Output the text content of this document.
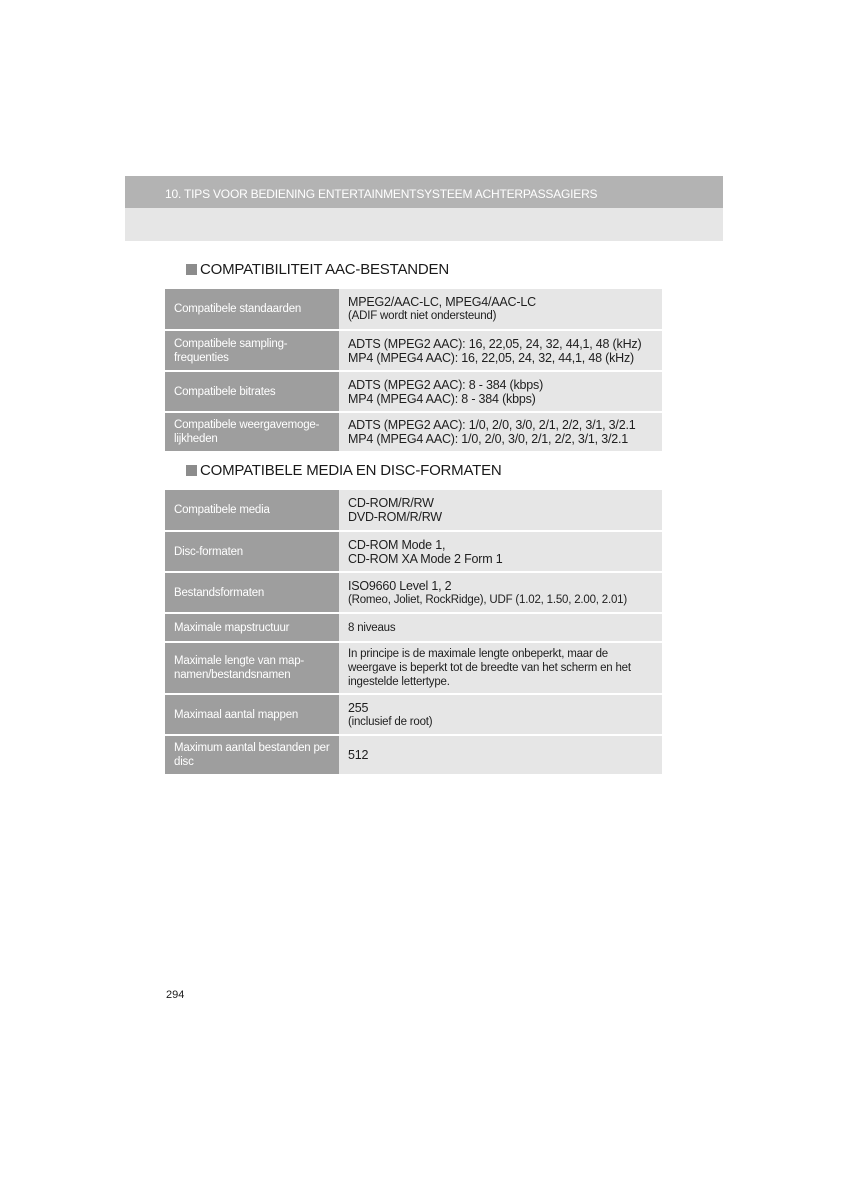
10. TIPS VOOR BEDIENING ENTERTAINMENTSYSTEEM ACHTERPASSAGIERS
COMPATIBILITEIT AAC-BESTANDEN
Compatibele standaarden	MPEG2/AAC-LC, MPEG4/AAC-LC
(ADIF wordt niet ondersteund)

Compatibele sampling-
frequenties	ADTS (MPEG2 AAC): 16, 22,05, 24, 32, 44,1, 48 (kHz)
MP4 (MPEG4 AAC): 16, 22,05, 24, 32, 44,1, 48 (kHz)

Compatibele bitrates	ADTS (MPEG2 AAC): 8 - 384 (kbps)
MP4 (MPEG4 AAC): 8 - 384 (kbps)

Compatibele weergavemoge-
lijkheden	ADTS (MPEG2 AAC): 1/0, 2/0, 3/0, 2/1, 2/2, 3/1, 3/2.1
MP4 (MPEG4 AAC): 1/0, 2/0, 3/0, 2/1, 2/2, 3/1, 3/2.1
COMPATIBELE MEDIA EN DISC-FORMATEN
Compatibele media	CD-ROM/R/RW
DVD-ROM/R/RW

Disc-formaten	CD-ROM Mode 1,
CD-ROM XA Mode 2 Form 1

Bestandsformaten	ISO9660 Level 1, 2
(Romeo, Joliet, RockRidge), UDF (1.02, 1.50, 2.00, 2.01)

Maximale mapstructuur	8 niveaus

Maximale lengte van map-
namen/bestandsnamen	In principe is de maximale lengte onbeperkt, maar de weergave is beperkt tot de breedte van het scherm en het ingestelde lettertype.

Maximaal aantal mappen	255
(inclusief de root)

Maximum aantal bestanden per disc	512
294
